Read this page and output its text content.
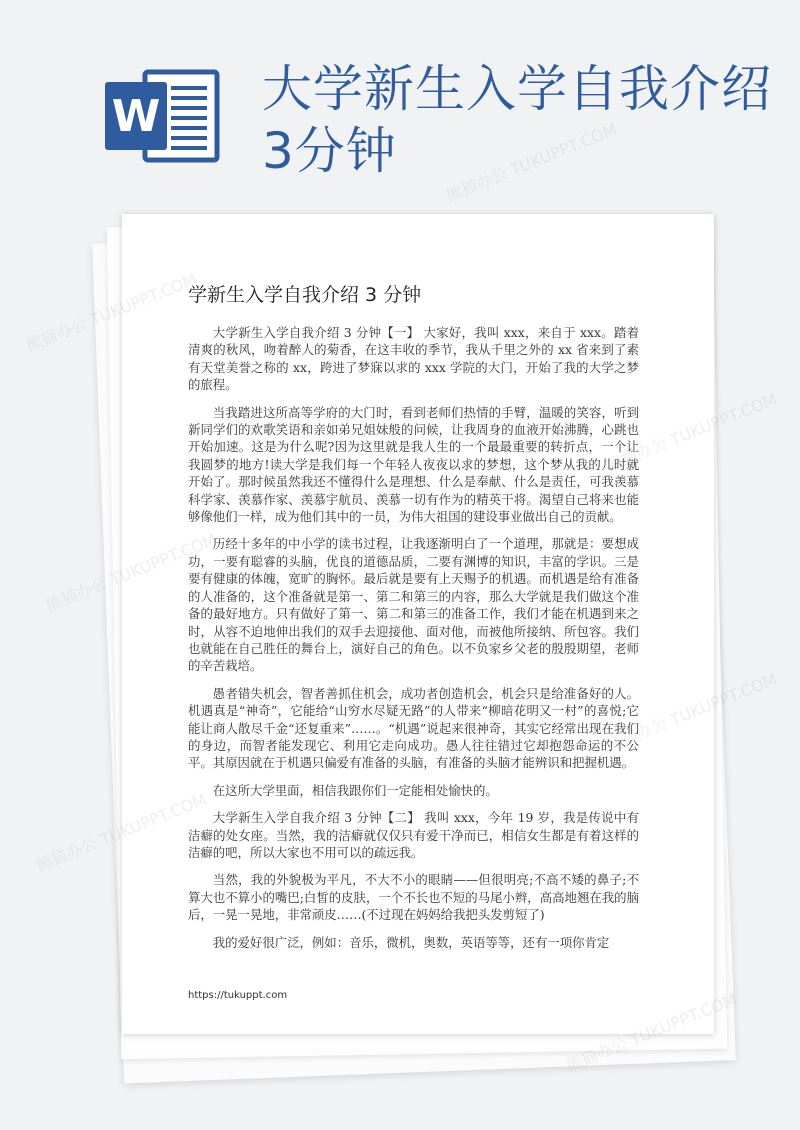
W 大学新生入学自我介绍3分钟
学新生入学自我介绍 3 分钟

大学新生入学自我介绍 3 分钟【一】 大家好，我叫 xxx，来自于 xxx。踏着清爽的秋风，吻着醉人的菊香，在这丰收的季节，我从千里之外的 xx 省来到了素有天堂美誉之称的 xx，跨进了梦寐以求的 xxx 学院的大门，开始了我的大学之梦的旅程。

当我踏进这所高等学府的大门时，看到老师们热情的手臂，温暖的笑容，听到新同学们的欢歌笑语和亲如弟兄姐妹般的问候，让我周身的血液开始沸腾，心跳也开始加速。这是为什么呢?因为这里就是我人生的一个最最重要的转折点，一个让我圆梦的地方!读大学是我们每一个年轻人夜夜以求的梦想，这个梦从我的儿时就开始了。那时候虽然我还不懂得什么是理想、什么是奉献、什么是责任，可我羡慕科学家、羡慕作家、羡慕宇航员、羡慕一切有作为的精英干将。渴望自己将来也能够像他们一样，成为他们其中的一员，为伟大祖国的建设事业做出自己的贡献。

历经十多年的中小学的读书过程，让我逐渐明白了一个道理，那就是：要想成功，一要有聪睿的头脑，优良的道德品质，二要有渊博的知识，丰富的学识。三是要有健康的体魄，宽旷的胸怀。最后就是要有上天赐予的机遇。而机遇是给有准备的人准备的，这个准备就是第一、第二和第三的内容，那么大学就是我们做这个准备的最好地方。只有做好了第一、第二和第三的准备工作，我们才能在机遇到来之时，从容不迫地伸出我们的双手去迎接他、面对他，而被他所接纳、所包容。我们也就能在自己胜任的舞台上，演好自己的角色。以不负家乡父老的殷殷期望，老师的辛苦栽培。

愚者错失机会，智者善抓住机会，成功者创造机会，机会只是给准备好的人。机遇真是“神奇”，它能给“山穷水尽疑无路”的人带来“柳暗花明又一村”的喜悦;它能让商人散尽千金“还复重来”……。“机遇”说起来很神奇，其实它经常出现在我们的身边，而智者能发现它、利用它走向成功。愚人往往错过它却抱怨命运的不公平。其原因就在于机遇只偏爱有准备的头脑，有准备的头脑才能辨识和把握机遇。

在这所大学里面，相信我跟你们一定能相处愉快的。

大学新生入学自我介绍 3 分钟【二】 我叫 xxx，今年 19 岁，我是传说中有洁癖的处女座。当然，我的洁癖就仅仅只有爱干净而已，相信女生都是有着这样的洁癖的吧，所以大家也不用可以的疏远我。

当然，我的外貌极为平凡，不大不小的眼睛——但很明亮;不高不矮的鼻子;不算大也不算小的嘴巴;白皙的皮肤，一个不长也不短的马尾小辫，高高地翘在我的脑后，一晃一晃地，非常顽皮……(不过现在妈妈给我把头发剪短了)

我的爱好很广泛，例如：音乐，微机，奥数，英语等等，还有一项你肯定

https://tukuppt.com
熊猫办公 TUKUPPT.COM
熊猫办公
TUKUPPT.COM
熊猫办公
TUKUPPT.COM
熊猫办公
